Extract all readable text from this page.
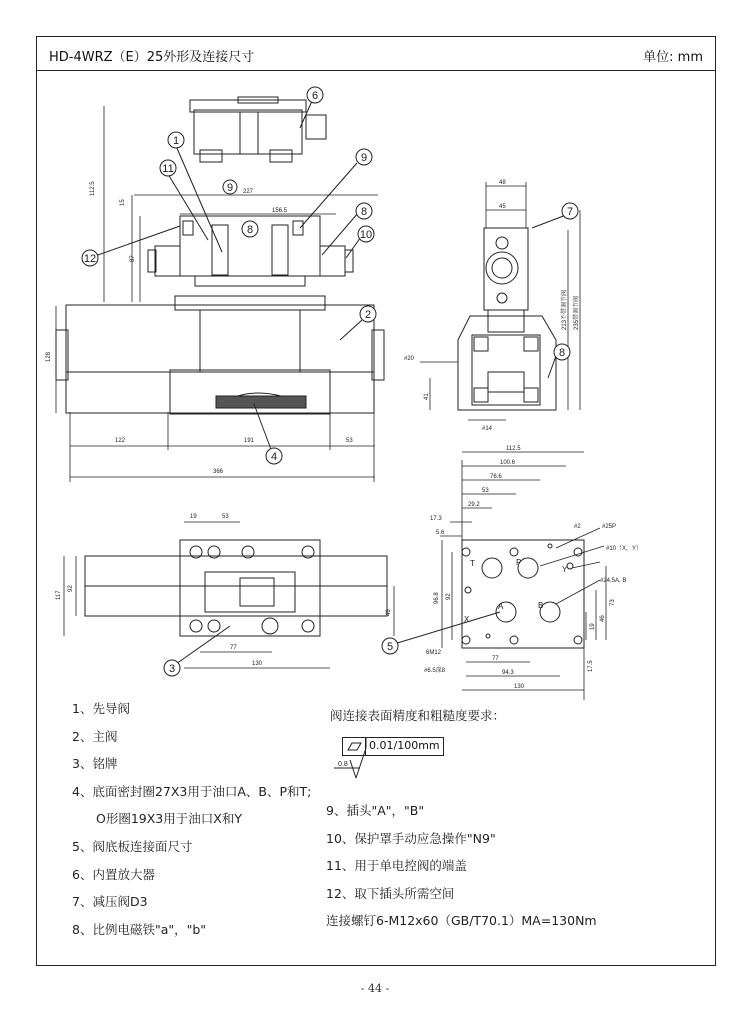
HD-4WRZ（E）25外形及连接尺寸	单位: mm
112.5
15
87
227
156.5
128
122	191	53
366
1
11
9
8
12
6
9
8
10
2
4
48
45
213不带调节阀	235带调节阀
#20
41
#14
7
8
19	53
117
92
46
77
130
3
112.5
100.6
76.6
53
29.2
17.3
5.6
96.8 92
#25P
#10（X，Y）
#2
#24.5A, B
73
46
19
6M12
#6.5深8
77
94.3
130
17.5
T	P
X
A	B
Y
5
0.8
1、先导阀
2、主阀
3、铭牌
4、底面密封圈27X3用于油口A、B、P和T;
O形圈19X3用于油口X和Y
5、阀底板连接面尺寸
6、内置放大器
7、减压阀D3
8、比例电磁铁"a"，"b"
阀连接表面精度和粗糙度要求：
0.01/100mm
9、插头"A"，"B"
10、保护罩手动应急操作"N9"
11、用于单电控阀的端盖
12、取下插头所需空间
连接螺钉6-M12x60（GB/T70.1）MA=130Nm
- 44 -
